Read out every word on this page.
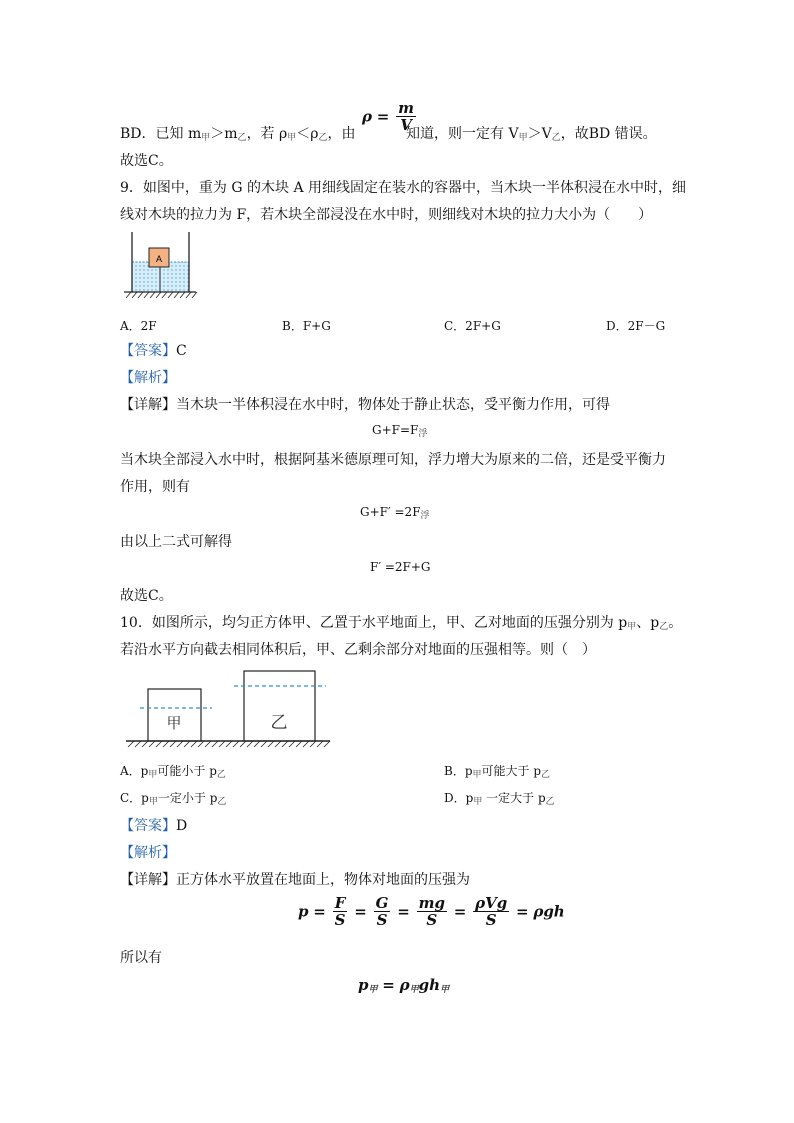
BD．已知 $m_甲>m_乙$，若 $\rho_甲<\rho_乙$，由
$\rho = \frac{m}{V}$
知道，则一定有 $V_甲>V_乙$，故BD 错误。
故选C。
9．如图中，重为 G 的木块 A 用细线固定在装水的容器中，当木块一半体积浸在水中时，细
线对木块的拉力为 F，若木块全部浸没在水中时，则细线对木块的拉力大小为（　　）
A
A．2F	B．F+G	C．2F+G	D．2F－G
【答案】C
【解析】
【详解】当木块一半体积浸在水中时，物体处于静止状态，受平衡力作用，可得
$G+F=F_浮$
当木块全部浸入水中时，根据阿基米德原理可知，浮力增大为原来的二倍，还是受平衡力
作用，则有
$G+F' =2F_浮$
由以上二式可解得
F′ =2F+G
故选C。
10．如图所示，均匀正方体甲、乙置于水平地面上，甲、乙对地面的压强分别为 $p_甲$、$p_乙$。
若沿水平方向截去相同体积后，甲、乙剩余部分对地面的压强相等。则（　）
甲	乙
A．$p_甲$可能小于 $p_乙$	B．$p_甲$可能大于 $p_乙$
C．$p_甲$一定小于 $p_乙$	D．$p_甲$ 一定大于 $p_乙$
【答案】D
【解析】
【详解】正方体水平放置在地面上，物体对地面的压强为
$p = \frac{F}{S} = \frac{G}{S} = \frac{mg}{S} = \frac{\text{ρVg}}{S} = \rho gh$
所以有
$p_甲 = \rho_甲gh_甲$
